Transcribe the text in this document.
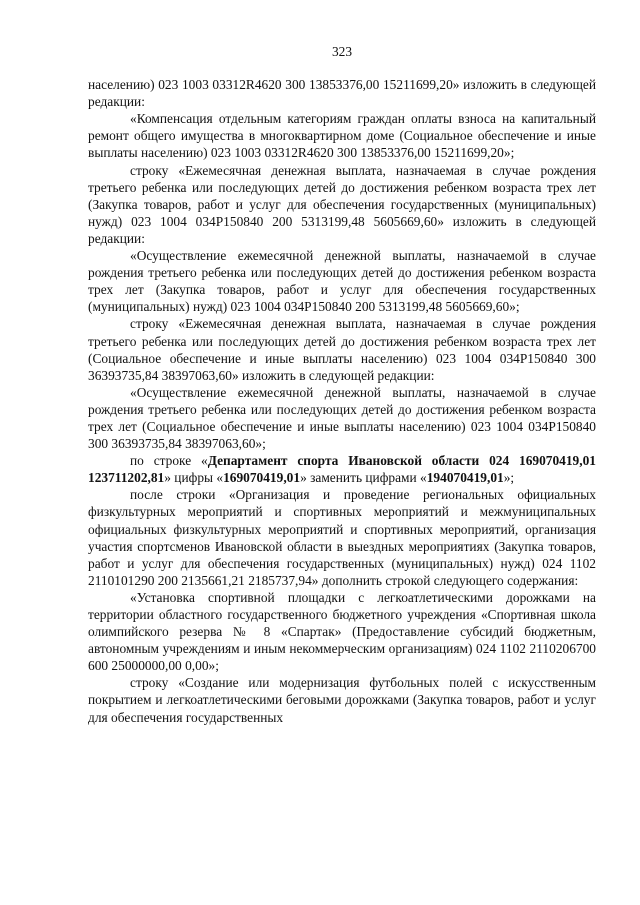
323

населению) 023 1003 03312R4620 300 13853376,00 15211699,20» изложить в следующей редакции:

«Компенсация отдельным категориям граждан оплаты взноса на капитальный ремонт общего имущества в многоквартирном доме (Социальное обеспечение и иные выплаты населению) 023 1003 03312R4620 300 13853376,00 15211699,20»;

строку «Ежемесячная денежная выплата, назначаемая в случае рождения третьего ребенка или последующих детей до достижения ребенком возраста трех лет (Закупка товаров, работ и услуг для обеспечения государственных (муниципальных) нужд) 023 1004 034P150840 200 5313199,48 5605669,60» изложить в следующей редакции:

«Осуществление ежемесячной денежной выплаты, назначаемой в случае рождения третьего ребенка или последующих детей до достижения ребенком возраста трех лет (Закупка товаров, работ и услуг для обеспечения государственных (муниципальных) нужд) 023 1004 034P150840 200 5313199,48 5605669,60»;

строку «Ежемесячная денежная выплата, назначаемая в случае рождения третьего ребенка или последующих детей до достижения ребенком возраста трех лет (Социальное обеспечение и иные выплаты населению) 023 1004 034P150840 300 36393735,84 38397063,60» изложить в следующей редакции:

«Осуществление ежемесячной денежной выплаты, назначаемой в случае рождения третьего ребенка или последующих детей до достижения ребенком возраста трех лет (Социальное обеспечение и иные выплаты населению) 023 1004 034P150840 300 36393735,84 38397063,60»;

по строке «Департамент спорта Ивановской области 024 169070419,01 123711202,81» цифры «169070419,01» заменить цифрами «194070419,01»;

после строки «Организация и проведение региональных официальных физкультурных мероприятий и спортивных мероприятий и межмуниципальных официальных физкультурных мероприятий и спортивных мероприятий, организация участия спортсменов Ивановской области в выездных мероприятиях (Закупка товаров, работ и услуг для обеспечения государственных (муниципальных) нужд) 024 1102 2110101290 200 2135661,21 2185737,94» дополнить строкой следующего содержания:

«Установка спортивной площадки с легкоатлетическими дорожками на территории областного государственного бюджетного учреждения «Спортивная школа олимпийского резерва № 8 «Спартак» (Предоставление субсидий бюджетным, автономным учреждениям и иным некоммерческим организациям) 024 1102 2110206700 600 25000000,00 0,00»;

строку «Создание или модернизация футбольных полей с искусственным покрытием и легкоатлетическими беговыми дорожками (Закупка товаров, работ и услуг для обеспечения государственных
